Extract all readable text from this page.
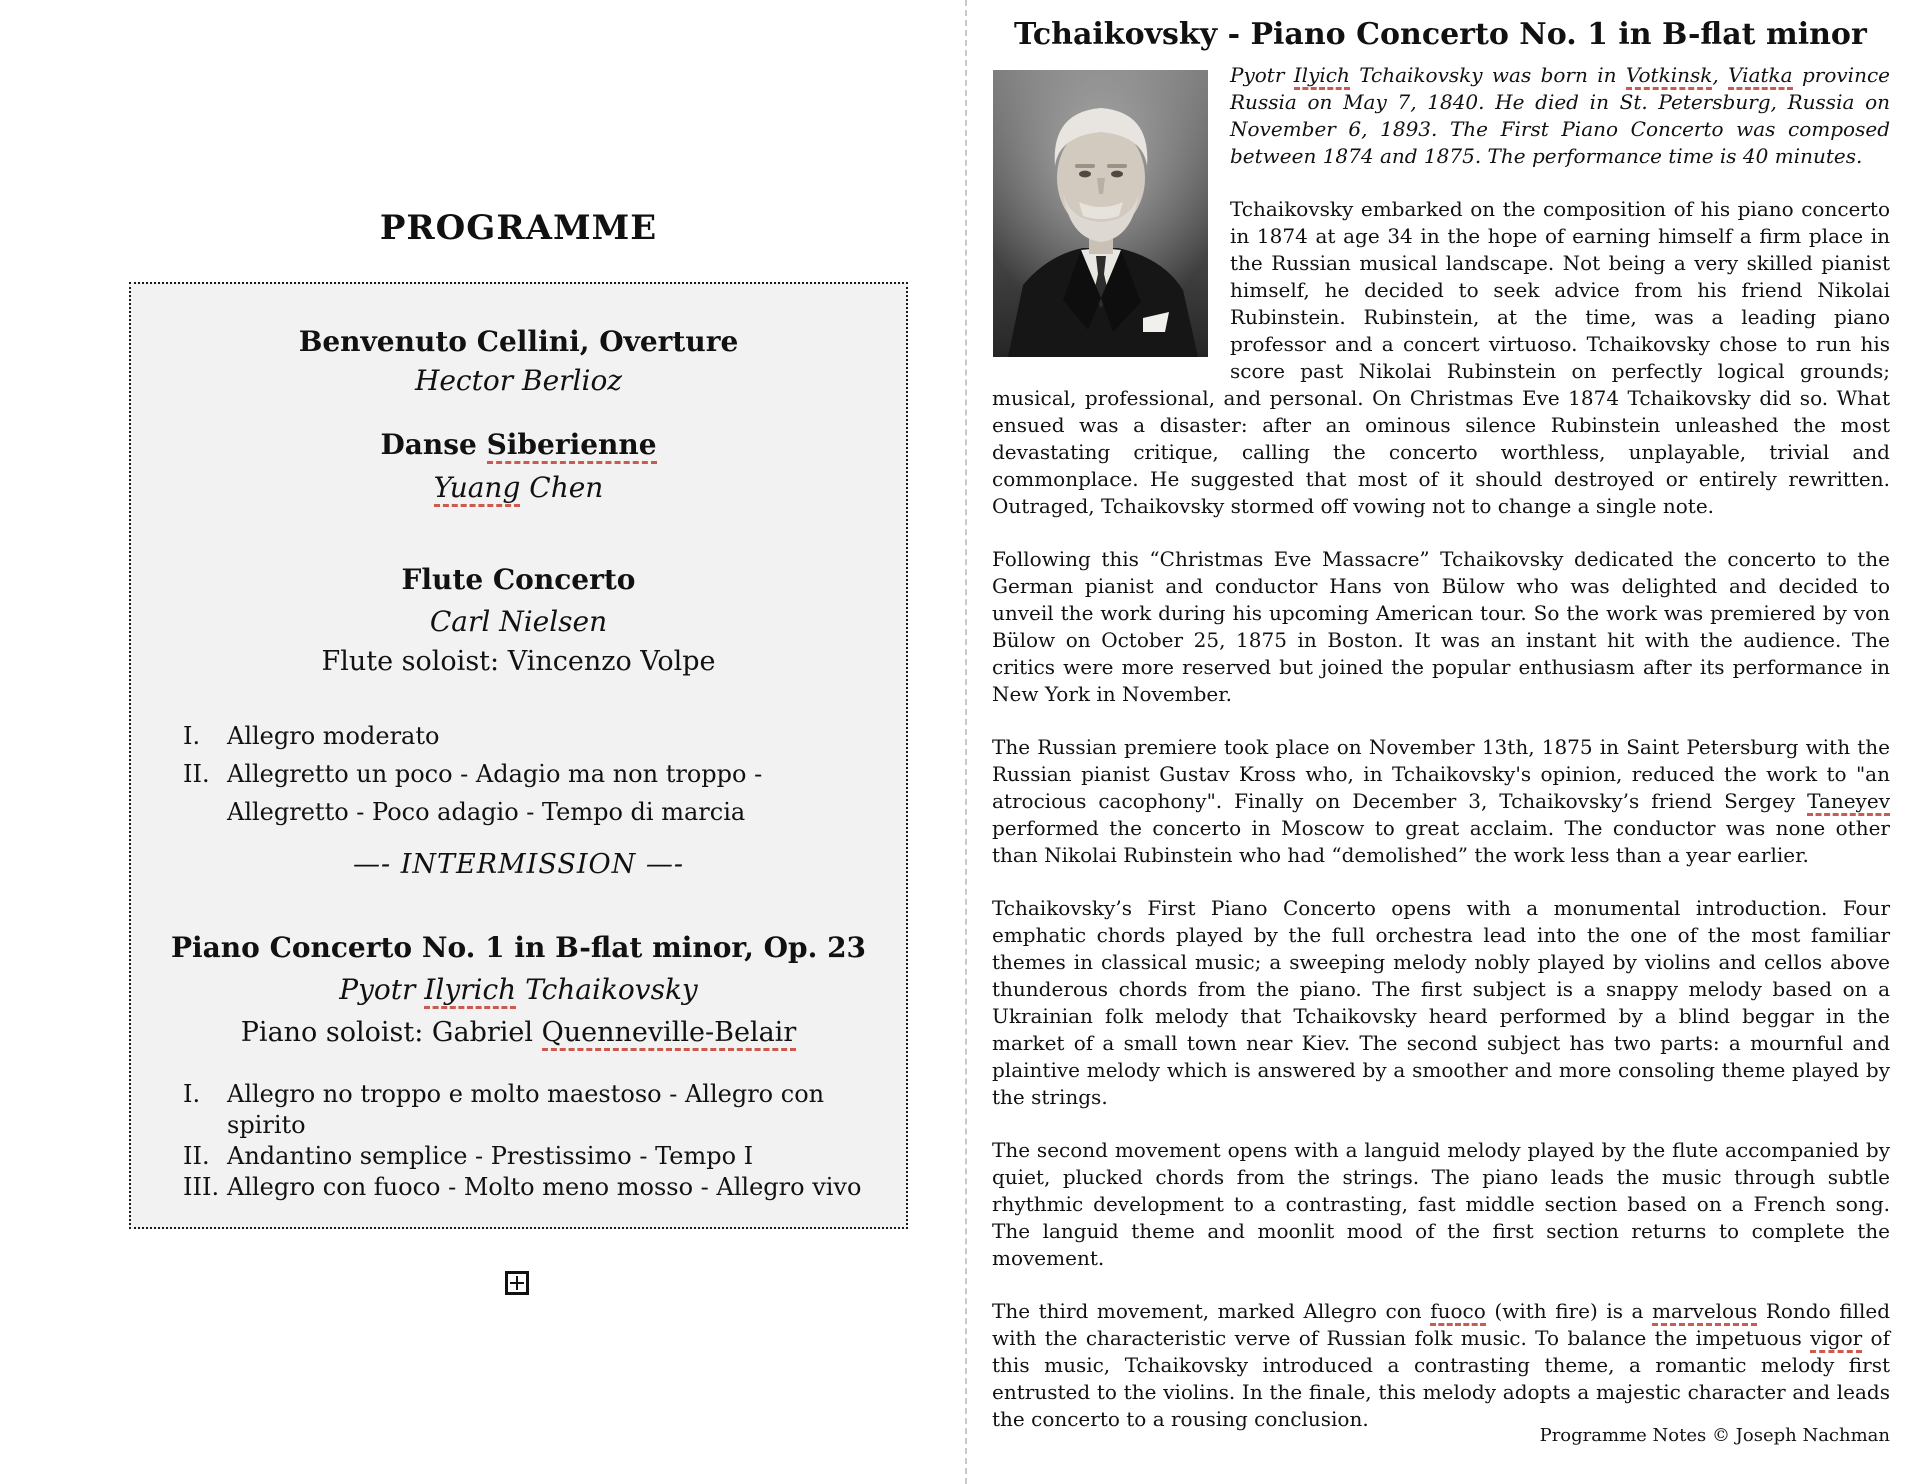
PROGRAMME
Benvenuto Cellini, Overture
Hector Berlioz
Danse Siberienne
Yuang Chen
Flute Concerto
Carl Nielsen
Flute soloist: Vincenzo Volpe
I.	Allegro moderato
II. Allegretto un poco - Adagio ma non troppo - Allegretto - Poco adagio - Tempo di marcia
—- INTERMISSION —-
Piano Concerto No. 1 in B-flat minor, Op. 23
Pyotr Ilyrich Tchaikovsky
Piano soloist: Gabriel Quenneville-Belair
I.	Allegro no troppo e molto maestoso - Allegro con spirito
II. Andantino semplice - Prestissimo - Tempo I
III. Allegro con fuoco - Molto meno mosso - Allegro vivo
Tchaikovsky - Piano Concerto No. 1 in B-flat minor

Pyotr Ilyich Tchaikovsky was born in Votkinsk, Viatka province Russia on May 7, 1840. He died in St. Petersburg, Russia on November 6, 1893. The First Piano Concerto was composed between 1874 and 1875. The performance time is 40 minutes.

Tchaikovsky embarked on the composition of his piano concerto in 1874 at age 34 in the hope of earning himself a firm place in the Russian musical landscape. Not being a very skilled pianist himself, he decided to seek advice from his friend Nikolai Rubinstein. Rubinstein, at the time, was a leading piano professor and a concert virtuoso. Tchaikovsky chose to run his score past Nikolai Rubinstein on perfectly logical grounds; musical, professional, and personal. On Christmas Eve 1874 Tchaikovsky did so. What ensued was a disaster: after an ominous silence Rubinstein unleashed the most devastating critique, calling the concerto worthless, unplayable, trivial and commonplace. He suggested that most of it should destroyed or entirely rewritten. Outraged, Tchaikovsky stormed off vowing not to change a single note.

Following this “Christmas Eve Massacre” Tchaikovsky dedicated the concerto to the German pianist and conductor Hans von Bülow who was delighted and decided to unveil the work during his upcoming American tour. So the work was premiered by von Bülow on October 25, 1875 in Boston. It was an instant hit with the audience. The critics were more reserved but joined the popular enthusiasm after its performance in New York in November.

The Russian premiere took place on November 13th, 1875 in Saint Petersburg with the Russian pianist Gustav Kross who, in Tchaikovsky's opinion, reduced the work to "an atrocious cacophony". Finally on December 3, Tchaikovsky’s friend Sergey Taneyev performed the concerto in Moscow to great acclaim. The conductor was none other than Nikolai Rubinstein who had “demolished” the work less than a year earlier.

Tchaikovsky’s First Piano Concerto opens with a monumental introduction. Four emphatic chords played by the full orchestra lead into the one of the most familiar themes in classical music; a sweeping melody nobly played by violins and cellos above thunderous chords from the piano. The first subject is a snappy melody based on a Ukrainian folk melody that Tchaikovsky heard performed by a blind beggar in the market of a small town near Kiev. The second subject has two parts: a mournful and plaintive melody which is answered by a smoother and more consoling theme played by the strings.

The second movement opens with a languid melody played by the flute accompanied by quiet, plucked chords from the strings. The piano leads the music through subtle rhythmic development to a contrasting, fast middle section based on a French song. The languid theme and moonlit mood of the first section returns to complete the movement.

The third movement, marked Allegro con fuoco (with fire) is a marvelous Rondo filled with the characteristic verve of Russian folk music. To balance the impetuous vigor of this music, Tchaikovsky introduced a contrasting theme, a romantic melody first entrusted to the violins. In the finale, this melody adopts a majestic character and leads the concerto to a rousing conclusion.

Programme Notes © Joseph Nachman
